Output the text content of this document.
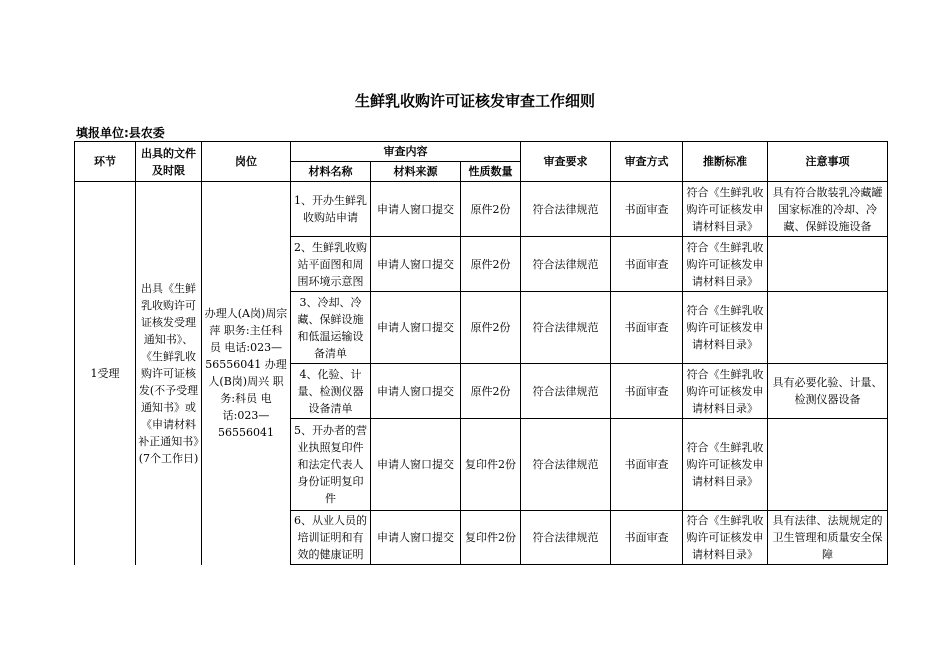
生鲜乳收购许可证核发审查工作细则
填报单位:县农委
环节	出具的文件及时限	岗位	审查内容			审查要求	审查方式	推断标准	注意事项
			材料名称	材料来源	性质数量				
1受理	出具《生鲜乳收购许可证核发受理通知书》、《生鲜乳收购许可证核发(不予受理通知书》或《申请材料补正通知书》(7个工作日)	办理人(A岗)周宗萍 职务:主任科员 电话:023—56556041 办理人(B岗)周兴 职务:科员 电话:023—56556041	1、开办生鲜乳收购站申请	申请人窗口提交	原件2份	符合法律规范	书面审查	符合《生鲜乳收购许可证核发申请材料目录》	具有符合散装乳冷藏罐国家标准的冷却、冷藏、保鲜设施设备
			2、生鲜乳收购站平面图和周围环境示意图	申请人窗口提交	原件2份	符合法律规范	书面审查	符合《生鲜乳收购许可证核发申请材料目录》	
			3、冷却、冷藏、保鲜设施和低温运输设备清单	申请人窗口提交	原件2份	符合法律规范	书面审查	符合《生鲜乳收购许可证核发申请材料目录》	
			4、化验、计量、检测仪器设备清单	申请人窗口提交	原件2份	符合法律规范	书面审查	符合《生鲜乳收购许可证核发申请材料目录》	具有必要化验、计量、检测仪器设备
			5、开办者的营业执照复印件和法定代表人身份证明复印件	申请人窗口提交	复印件2份	符合法律规范	书面审查	符合《生鲜乳收购许可证核发申请材料目录》	
			6、从业人员的培训证明和有效的健康证明	申请人窗口提交	复印件2份	符合法律规范	书面审查	符合《生鲜乳收购许可证核发申请材料目录》	具有法律、法规规定的卫生管理和质量安全保障
